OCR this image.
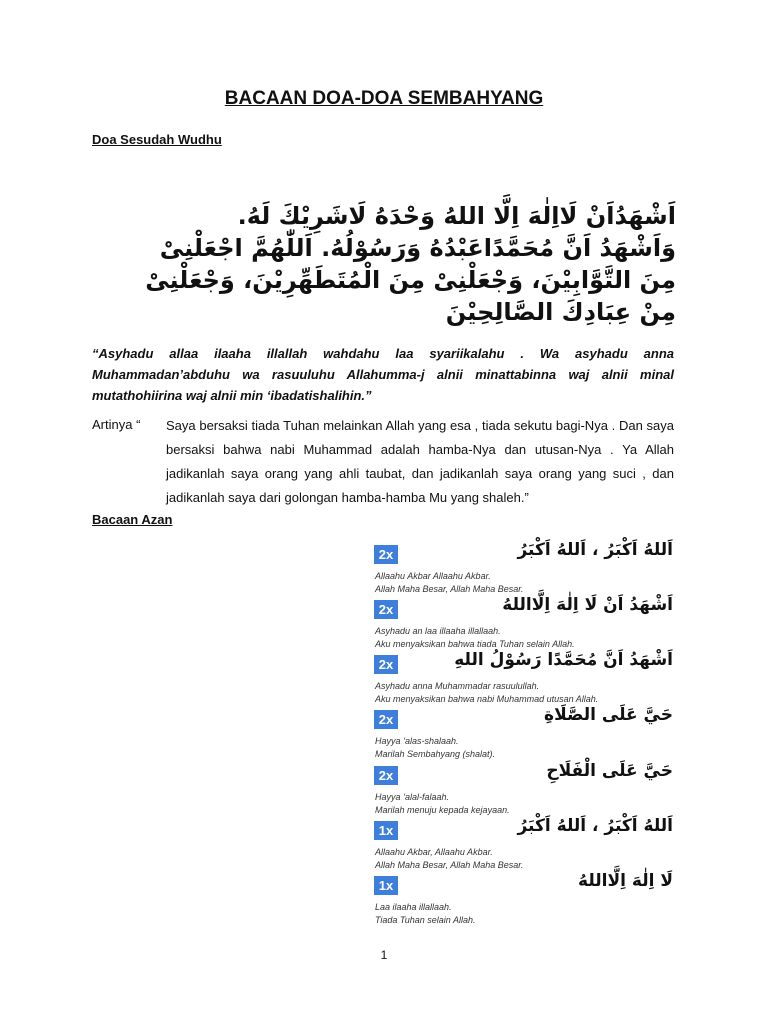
BACAAN DOA-DOA SEMBAHYANG
Doa Sesudah Wudhu
اَشْهَدُاَنْ لَااِلٰهَ اِلَّا اللهُ وَحْدَهُ لَاشَرِيْكَ لَهُ.
وَاَشْهَدُ اَنَّ مُحَمَّدًاعَبْدُهُ وَرَسُوْلُهُ. اَللّٰهُمَّ اجْعَلْنِىْ
مِنَ التَّوَّابِيْنَ، وَجْعَلْنِىْ مِنَ الْمُتَطَهِّرِيْنَ، وَجْعَلْنِىْ
مِنْ عِبَادِكَ الصَّالِحِيْنَ
“Asyhadu allaa ilaaha illallah wahdahu laa syariikalahu . Wa asyhadu anna Muhammadan’abduhu wa rasuuluhu Allahumma-j alnii minattabinna waj alnii minal mutathohiirina waj alnii min ‘ibadatishalihin.”
Artinya “ Saya bersaksi tiada Tuhan melainkan Allah yang esa , tiada sekutu bagi-Nya . Dan saya bersaksi bahwa nabi Muhammad adalah hamba-Nya dan utusan-Nya . Ya Allah jadikanlah saya orang yang ahli taubat, dan jadikanlah saya orang yang suci , dan jadikanlah saya dari golongan hamba-hamba Mu yang shaleh.”
Bacaan Azan
2x	اَللهُ اَكْبَرُ ، اَللهُ اَكْبَرُ
Allaahu Akbar Allaahu Akbar.
Allah Maha Besar, Allah Maha Besar.
2x	اَشْهَدُ اَنْ لَا اِلٰهَ اِلَّااللهُ
Asyhadu an laa illaaha illallaah.
Aku menyaksikan bahwa tiada Tuhan selain Allah.
2x	اَشْهَدُ اَنَّ مُحَمَّدًا رَسُوْلُ اللهِ
Asyhadu anna Muhammadar rasuulullah.
Aku menyaksikan bahwa nabi Muhammad utusan Allah.
2x	حَيَّ عَلَى الصَّلَاةِ
Hayya ‘alas-shalaah.
Marilah Sembahyang (shalat).
2x	حَيَّ عَلَى الْفَلَاحِ
Hayya ‘alal-falaah.
Marilah menuju kepada kejayaan.
1x	اَللهُ اَكْبَرُ ، اَللهُ اَكْبَرُ
Allaahu Akbar, Allaahu Akbar.
Allah Maha Besar, Allah Maha Besar.
1x	لَا اِلٰهَ اِلَّااللهُ
Laa ilaaha illallaah.
Tiada Tuhan selain Allah.
1
